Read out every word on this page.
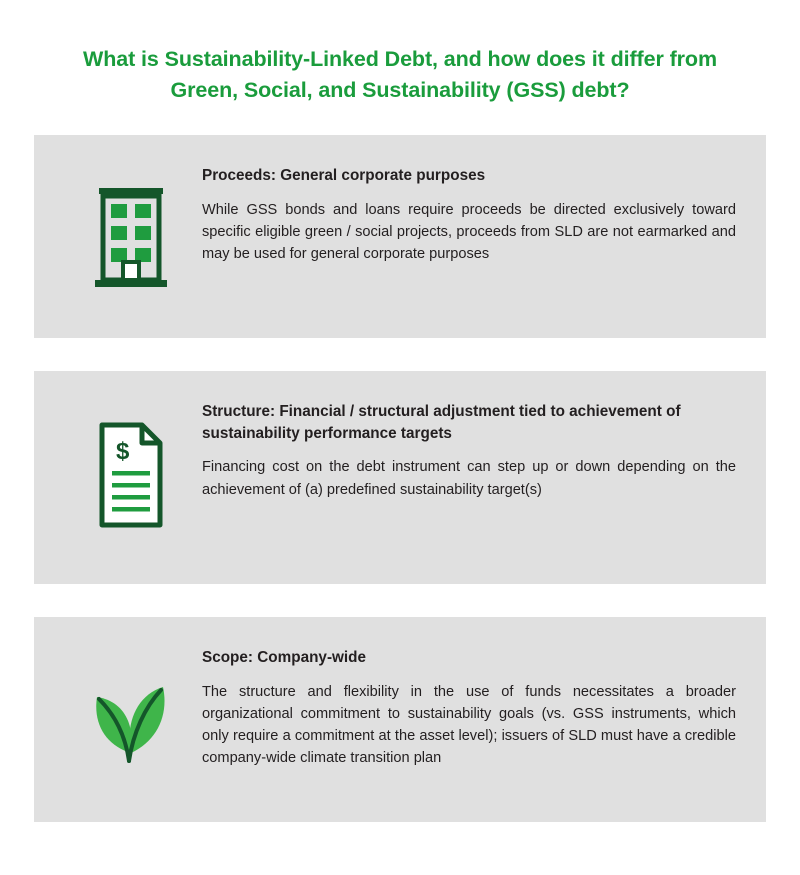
What is Sustainability-Linked Debt, and how does it differ from Green, Social, and Sustainability (GSS) debt?

Proceeds: General corporate purposes

While GSS bonds and loans require proceeds be directed exclusively toward specific eligible green / social projects, proceeds from SLD are not earmarked and may be used for general corporate purposes

$

Structure: Financial / structural adjustment tied to achievement of sustainability performance targets

Financing cost on the debt instrument can step up or down depending on the achievement of (a) predefined sustainability target(s)

Scope: Company-wide

The structure and flexibility in the use of funds necessitates a broader organizational commitment to sustainability goals (vs. GSS instruments, which only require a commitment at the asset level); issuers of SLD must have a credible company-wide climate transition plan
